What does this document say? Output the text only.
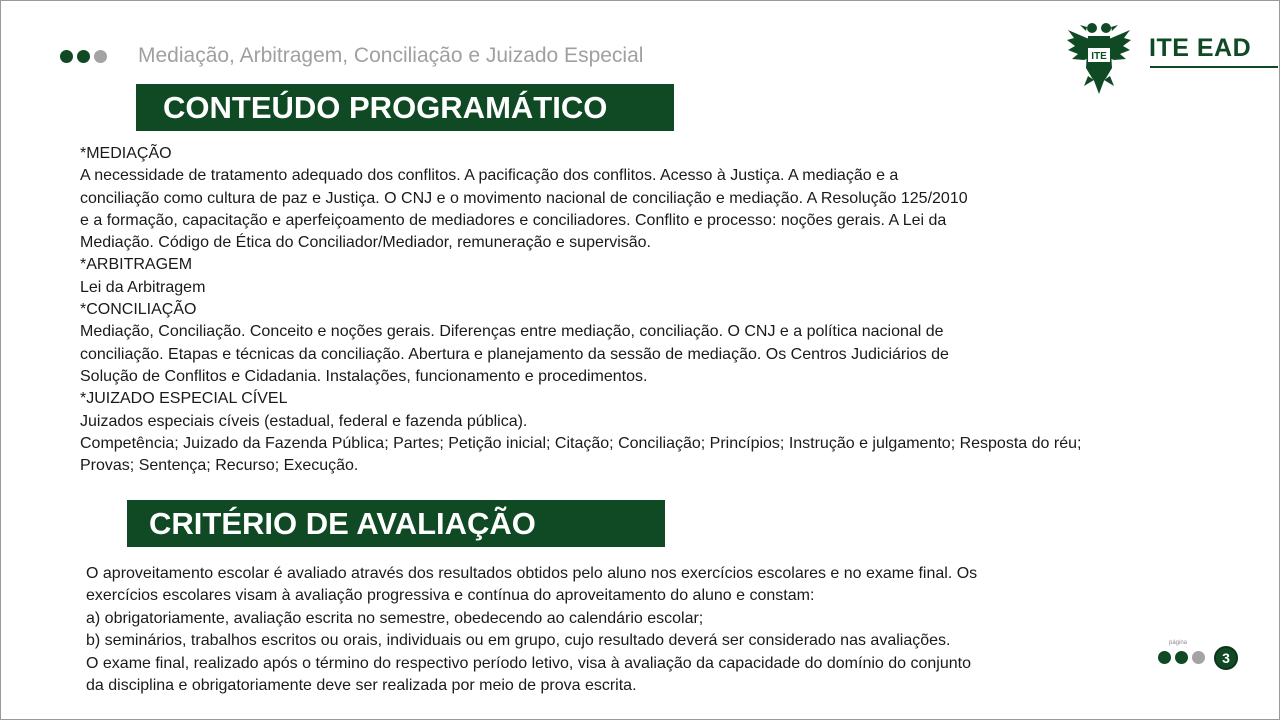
Mediação, Arbitragem, Conciliação e Juizado Especial	ITE ITE EAD
CONTEÚDO PROGRAMÁTICO
*MEDIAÇÃO
A necessidade de tratamento adequado dos conflitos. A pacificação dos conflitos. Acesso à Justiça. A mediação e a
conciliação como cultura de paz e Justiça. O CNJ e o movimento nacional de conciliação e mediação. A Resolução 125/2010
e a formação, capacitação e aperfeiçoamento de mediadores e conciliadores. Conflito e processo: noções gerais. A Lei da
Mediação. Código de Ética do Conciliador/Mediador, remuneração e supervisão.
*ARBITRAGEM
Lei da Arbitragem
*CONCILIAÇÃO
Mediação, Conciliação. Conceito e noções gerais. Diferenças entre mediação, conciliação. O CNJ e a política nacional de
conciliação. Etapas e técnicas da conciliação. Abertura e planejamento da sessão de mediação. Os Centros Judiciários de
Solução de Conflitos e Cidadania. Instalações, funcionamento e procedimentos.
*JUIZADO ESPECIAL CÍVEL
Juizados especiais cíveis (estadual, federal e fazenda pública).
Competência; Juizado da Fazenda Pública; Partes; Petição inicial; Citação; Conciliação; Princípios; Instrução e julgamento; Resposta do réu;
Provas; Sentença; Recurso; Execução.
CRITÉRIO DE AVALIAÇÃO
O aproveitamento escolar é avaliado através dos resultados obtidos pelo aluno nos exercícios escolares e no exame final. Os
exercícios escolares visam à avaliação progressiva e contínua do aproveitamento do aluno e constam:
a) obrigatoriamente, avaliação escrita no semestre, obedecendo ao calendário escolar;
b) seminários, trabalhos escritos ou orais, individuais ou em grupo, cujo resultado deverá ser considerado nas avaliações.
O exame final, realizado após o término do respectivo período letivo, visa à avaliação da capacidade do domínio do conjunto
da disciplina e obrigatoriamente deve ser realizada por meio de prova escrita.
página
3
